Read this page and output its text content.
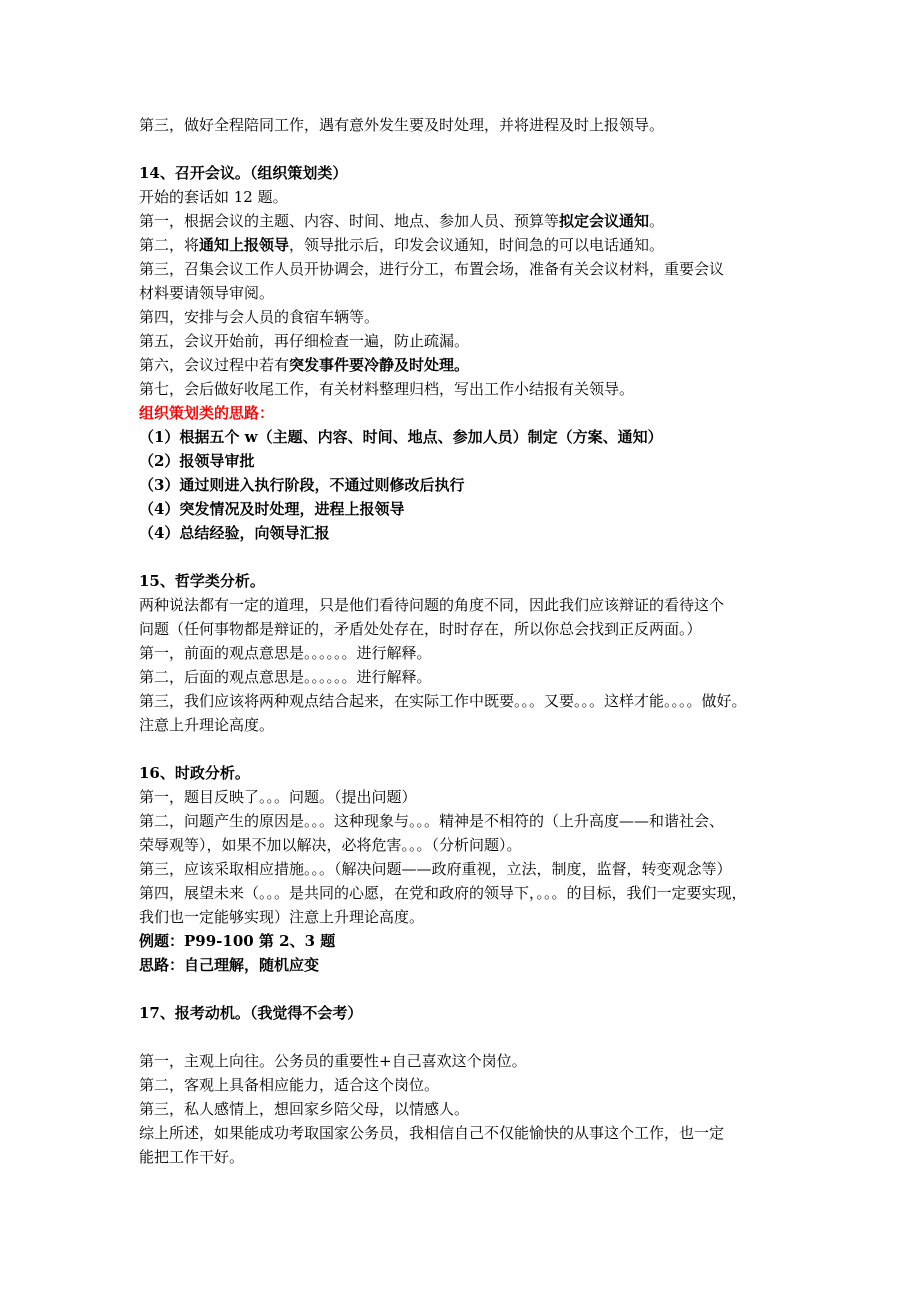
第三，做好全程陪同工作，遇有意外发生要及时处理，并将进程及时上报领导。
14、召开会议。（组织策划类）
开始的套话如 12 题。
第一，根据会议的主题、内容、时间、地点、参加人员、预算等拟定会议通知。
第二，将通知上报领导，领导批示后，印发会议通知，时间急的可以电话通知。
第三，召集会议工作人员开协调会，进行分工，布置会场，准备有关会议材料，重要会议
材料要请领导审阅。
第四，安排与会人员的食宿车辆等。
第五，会议开始前，再仔细检查一遍，防止疏漏。
第六，会议过程中若有突发事件要冷静及时处理。
第七，会后做好收尾工作，有关材料整理归档，写出工作小结报有关领导。
组织策划类的思路：
（1）根据五个 w（主题、内容、时间、地点、参加人员）制定（方案、通知）
（2）报领导审批
（3）通过则进入执行阶段，不通过则修改后执行
（4）突发情况及时处理，进程上报领导
（4）总结经验，向领导汇报
15、哲学类分析。
两种说法都有一定的道理，只是他们看待问题的角度不同，因此我们应该辩证的看待这个
问题（任何事物都是辩证的，矛盾处处存在，时时存在，所以你总会找到正反两面。）
第一，前面的观点意思是。。。。。。进行解释。
第二，后面的观点意思是。。。。。。进行解释。
第三，我们应该将两种观点结合起来，在实际工作中既要。。。又要。。。这样才能。。。。做好。
注意上升理论高度。
16、时政分析。
第一，题目反映了。。。问题。（提出问题）
第二，问题产生的原因是。。。这种现象与。。。精神是不相符的（上升高度——和谐社会、
荣辱观等），如果不加以解决，必将危害。。。（分析问题）。
第三，应该采取相应措施。。。（解决问题——政府重视，立法，制度，监督，转变观念等）
第四，展望未来（。。。是共同的心愿，在党和政府的领导下，。。。的目标，我们一定要实现，
我们也一定能够实现）注意上升理论高度。
例题：P99-100 第 2、3 题
思路：自己理解，随机应变
17、报考动机。（我觉得不会考）
第一，主观上向往。公务员的重要性+自己喜欢这个岗位。
第二，客观上具备相应能力，适合这个岗位。
第三，私人感情上，想回家乡陪父母，以情感人。
综上所述，如果能成功考取国家公务员，我相信自己不仅能愉快的从事这个工作，也一定
能把工作干好。
